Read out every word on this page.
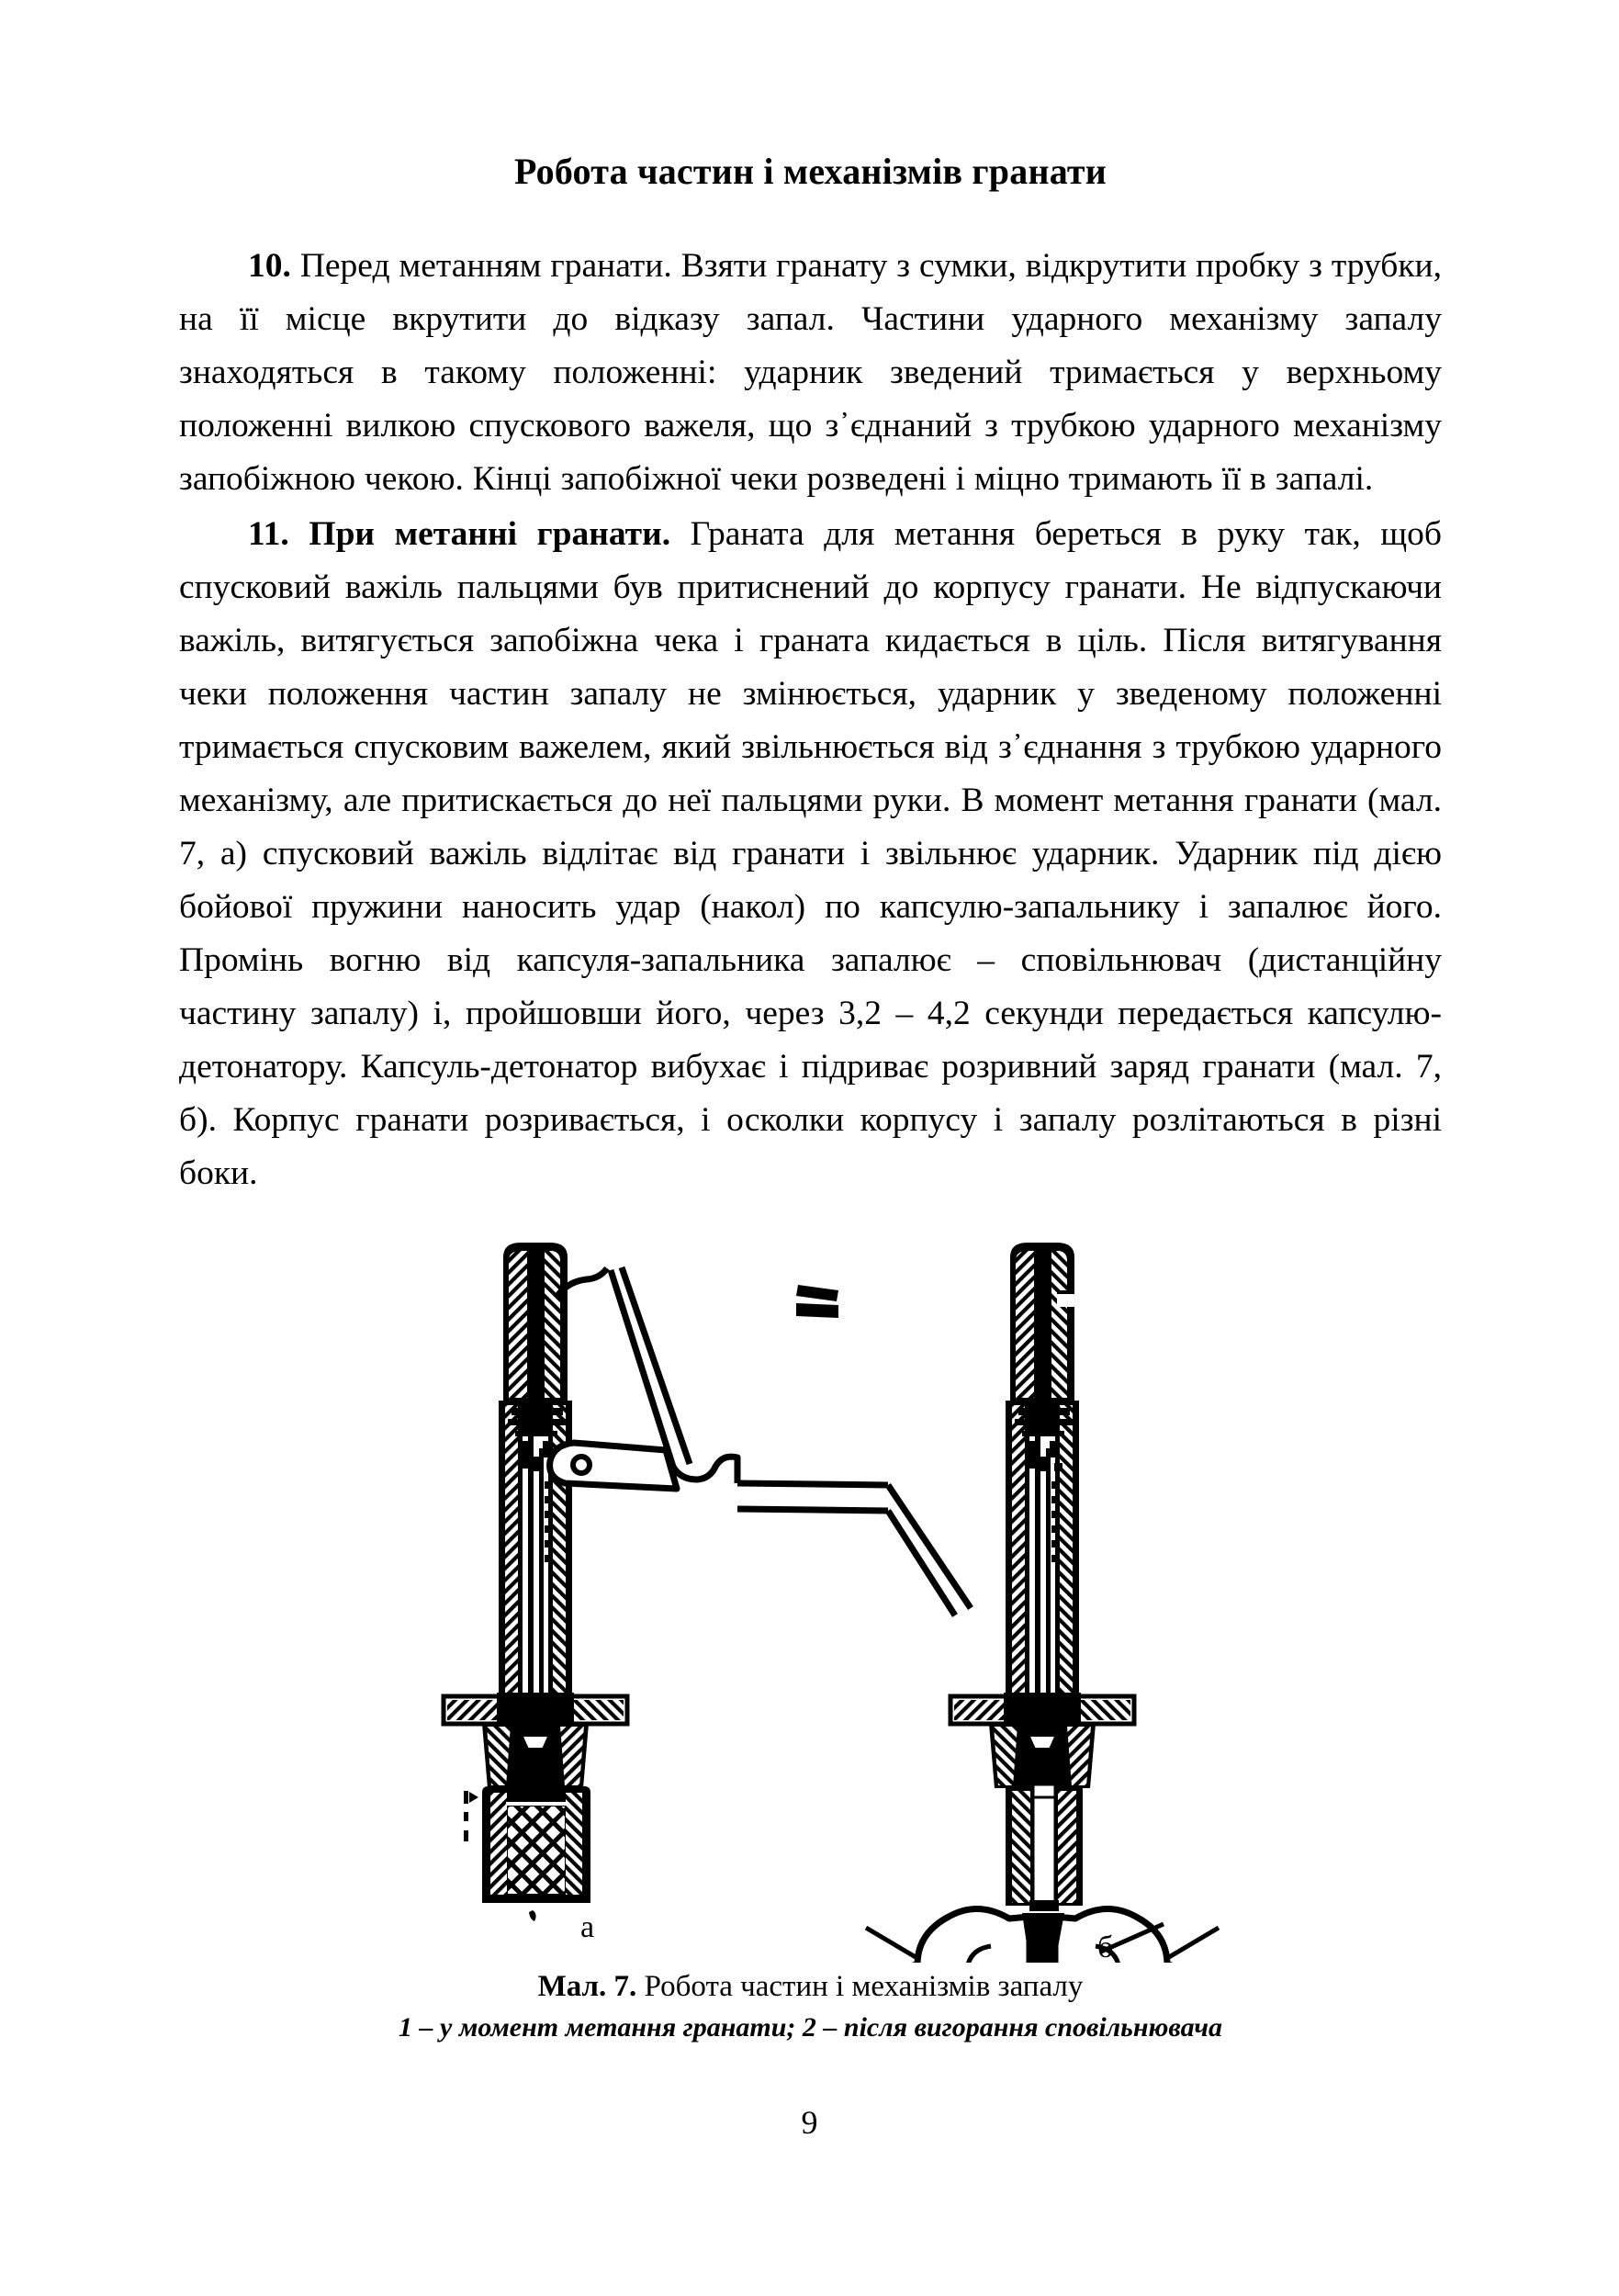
Робота частин і механізмів гранати

10. Перед метанням гранати. Взяти гранату з сумки, відкрутити пробку з трубки, на її місце вкрутити до відказу запал. Частини ударного механізму запалу знаходяться в такому положенні: ударник зведений тримається у верхньому положенні вилкою спускового важеля, що з᾽єднаний з трубкою ударного механізму запобіжною чекою. Кінці запобіжної чеки розведені і міцно тримають її в запалі.

11. При метанні гранати. Граната для метання береться в руку так, щоб спусковий важіль пальцями був притиснений до корпусу гранати. Не відпускаючи важіль, витягується запобіжна чека і граната кидається в ціль. Після витягування чеки положення частин запалу не змінюється, ударник у зведеному положенні тримається спусковим важелем, який звільнюється від з᾽єднання з трубкою ударного механізму, але притискається до неї пальцями руки. В момент метання гранати (мал. 7, а) спусковий важіль відлітає від гранати і звільнює ударник. Ударник під дією бойової пружини наносить удар (накол) по капсулю-запальнику і запалює його. Промінь вогню від капсуля-запальника запалює – сповільнювач (дистанційну частину запалу) і, пройшовши його, через 3,2 – 4,2 секунди передається капсулю-детонатору. Капсуль-детонатор вибухає і підриває розривний заряд гранати (мал. 7, б). Корпус гранати розривається, і осколки корпусу і запалу розлітаються в різні боки.

а
б
Мал. 7. Робота частин і механізмів запалу
1 – у момент метання гранати; 2 – після вигорання сповільнювача
9
